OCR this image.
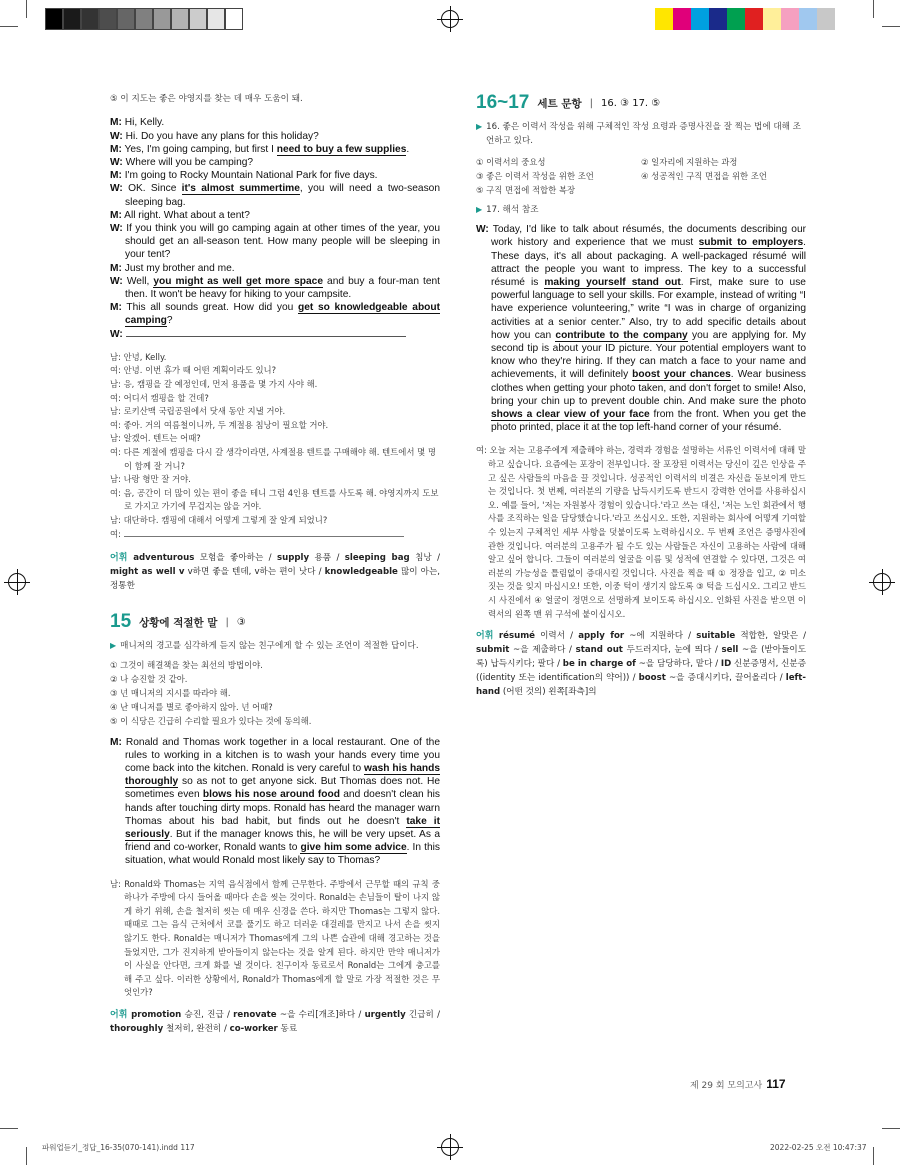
⑤ 이 지도는 좋은 야영지를 찾는 데 매우 도움이 돼.
M: Hi, Kelly.
W: Hi. Do you have any plans for this holiday?
M: Yes, I'm going camping, but first I need to buy a few supplies.
W: Where will you be camping?
M: I'm going to Rocky Mountain National Park for five days.
W: OK. Since it's almost summertime, you will need a two-season sleeping bag.
M: All right. What about a tent?
W: If you think you will go camping again at other times of the year, you should get an all-season tent. How many people will be sleeping in your tent?
M: Just my brother and me.
W: Well, you might as well get more space and buy a four-man tent then. It won't be heavy for hiking to your campsite.
M: This all sounds great. How did you get so knowledgeable about camping?
W:
남: 안녕, Kelly.
여: 안녕. 이번 휴가 때 어떤 계획이라도 있니?
남: 응, 캠핑을 갈 예정인데, 먼저 용품을 몇 가지 사야 해.
여: 어디서 캠핑을 할 건데?
남: 로키산맥 국립공원에서 닷새 동안 지낼 거야.
여: 좋아. 거의 여름철이니까, 두 계절용 침낭이 필요할 거야.
남: 알겠어. 텐트는 어때?
여: 다른 계절에 캠핑을 다시 갈 생각이라면, 사계절용 텐트를 구매해야 해. 텐트에서 몇 명이 함께 잘 거니?
남: 나랑 형만 잘 거야.
여: 음, 공간이 더 많이 있는 편이 좋을 테니 그럼 4인용 텐트를 사도록 해. 야영지까지 도보로 가지고 가기에 무겁지는 않을 거야.
남: 대단하다. 캠핑에 대해서 어떻게 그렇게 잘 알게 되었니?
여:
어휘 adventurous 모험을 좋아하는 / supply 용품 / sleeping bag 침낭 / might as well v v하면 좋을 텐데, v하는 편이 낫다 / knowledgeable 많이 아는, 정통한
15 상황에 적절한 말 | ③
▶ 매니저의 경고를 심각하게 듣지 않는 친구에게 할 수 있는 조언이 적절한 답이다.
① 그것이 해결책을 찾는 최선의 방법이야.
② 나 승진할 것 같아.
③ 넌 매니저의 지시를 따라야 해.
④ 난 매니저를 별로 좋아하지 않아. 넌 어때?
⑤ 이 식당은 긴급히 수리할 필요가 있다는 것에 동의해.
M: Ronald and Thomas work together in a local restaurant. One of the rules to working in a kitchen is to wash your hands every time you come back into the kitchen. Ronald is very careful to wash his hands thoroughly so as not to get anyone sick. But Thomas does not. He sometimes even blows his nose around food and doesn't clean his hands after touching dirty mops. Ronald has heard the manager warn Thomas about his bad habit, but finds out he doesn't take it seriously. But if the manager knows this, he will be very upset. As a friend and co-worker, Ronald wants to give him some advice. In this situation, what would Ronald most likely say to Thomas?
남: Ronald와 Thomas는 지역 음식점에서 함께 근무한다. 주방에서 근무할 때의 규칙 중 하나가 주방에 다시 들어올 때마다 손을 씻는 것이다. Ronald는 손님들이 탈이 나지 않게 하기 위해, 손을 철저히 씻는 데 매우 신경을 쓴다. 하지만 Thomas는 그렇지 않다. 때때로 그는 음식 근처에서 코를 풀기도 하고 더러운 대걸레를 만지고 나서 손을 씻지 않기도 한다. Ronald는 매니저가 Thomas에게 그의 나쁜 습관에 대해 경고하는 것을 들었지만, 그가 진지하게 받아들이지 않는다는 것을 알게 된다. 하지만 만약 매니저가 이 사실을 안다면, 크게 화를 낼 것이다. 친구이자 동료로서 Ronald는 그에게 충고를 해 주고 싶다. 이러한 상황에서, Ronald가 Thomas에게 할 말로 가장 적절한 것은 무엇인가?
어휘 promotion 승진, 진급 / renovate ~을 수리[개조]하다 / urgently 긴급히 / thoroughly 철저히, 완전히 / co-worker 동료
16~17 세트 문항 | 16. ③ 17. ⑤
▶ 16. 좋은 이력서 작성을 위해 구체적인 작성 요령과 증명사진을 잘 찍는 법에 대해 조언하고 있다.
① 이력서의 중요성	② 일자리에 지원하는 과정
③ 좋은 이력서 작성을 위한 조언	④ 성공적인 구직 면접을 위한 조언
⑤ 구직 면접에 적합한 복장
▶ 17. 해석 참조
W: Today, I'd like to talk about résumés, the documents describing our work history and experience that we must submit to employers. These days, it's all about packaging. A well-packaged résumé will attract the people you want to impress. The key to a successful résumé is making yourself stand out. First, make sure to use powerful language to sell your skills. For example, instead of writing “I have experience volunteering,” write “I was in charge of organizing activities at a senior center.” Also, try to add specific details about how you can contribute to the company you are applying for. My second tip is about your ID picture. Your potential employers want to know who they're hiring. If they can match a face to your name and achievements, it will definitely boost your chances. Wear business clothes when getting your photo taken, and don't forget to smile! Also, bring your chin up to prevent double chin. And make sure the photo shows a clear view of your face from the front. When you get the photo printed, place it at the top left-hand corner of your résumé.
여: 오늘 저는 고용주에게 제출해야 하는, 경력과 경험을 설명하는 서류인 이력서에 대해 말하고 싶습니다. 요즘에는 포장이 전부입니다. 잘 포장된 이력서는 당신이 깊은 인상을 주고 싶은 사람들의 마음을 끌 것입니다. 성공적인 이력서의 비결은 자신을 돋보이게 만드는 것입니다. 첫 번째, 여러분의 기량을 납득시키도록 반드시 강력한 언어를 사용하십시오. 예를 들어, '저는 자원봉사 경험이 있습니다.'라고 쓰는 대신, '저는 노인 회관에서 행사를 조직하는 일을 담당했습니다.'라고 쓰십시오. 또한, 지원하는 회사에 어떻게 기여할 수 있는지 구체적인 세부 사항을 덧붙이도록 노력하십시오. 두 번째 조언은 증명사진에 관한 것입니다. 여러분의 고용주가 될 수도 있는 사람들은 자신이 고용하는 사람에 대해 알고 싶어 합니다. 그들이 여러분의 얼굴을 이름 및 성적에 연결할 수 있다면, 그것은 여러분의 가능성을 틀림없이 증대시킬 것입니다. 사진을 찍을 때 ① 정장을 입고, ② 미소 짓는 것을 잊지 마십시오! 또한, 이중 턱이 생기지 않도록 ③ 턱을 드십시오. 그리고 반드시 사진에서 ④ 얼굴이 정면으로 선명하게 보이도록 하십시오. 인화된 사진을 받으면 이력서의 왼쪽 맨 위 구석에 붙이십시오.
어휘 résumé 이력서 / apply for ~에 지원하다 / suitable 적합한, 알맞은 / submit ~을 제출하다 / stand out 두드러지다, 눈에 띄다 / sell ~을 (받아들이도록) 납득시키다; 팔다 / be in charge of ~을 담당하다, 맡다 / ID 신분증명서, 신분증 ((identity 또는 identification의 약어)) / boost ~을 증대시키다, 끌어올리다 / left-hand (어떤 것의) 왼쪽[좌측]의
제 29 회 모의고사 117
파워업듣기_정답_16-35(070-141).indd 117	2022-02-25 오전 10:47:37
